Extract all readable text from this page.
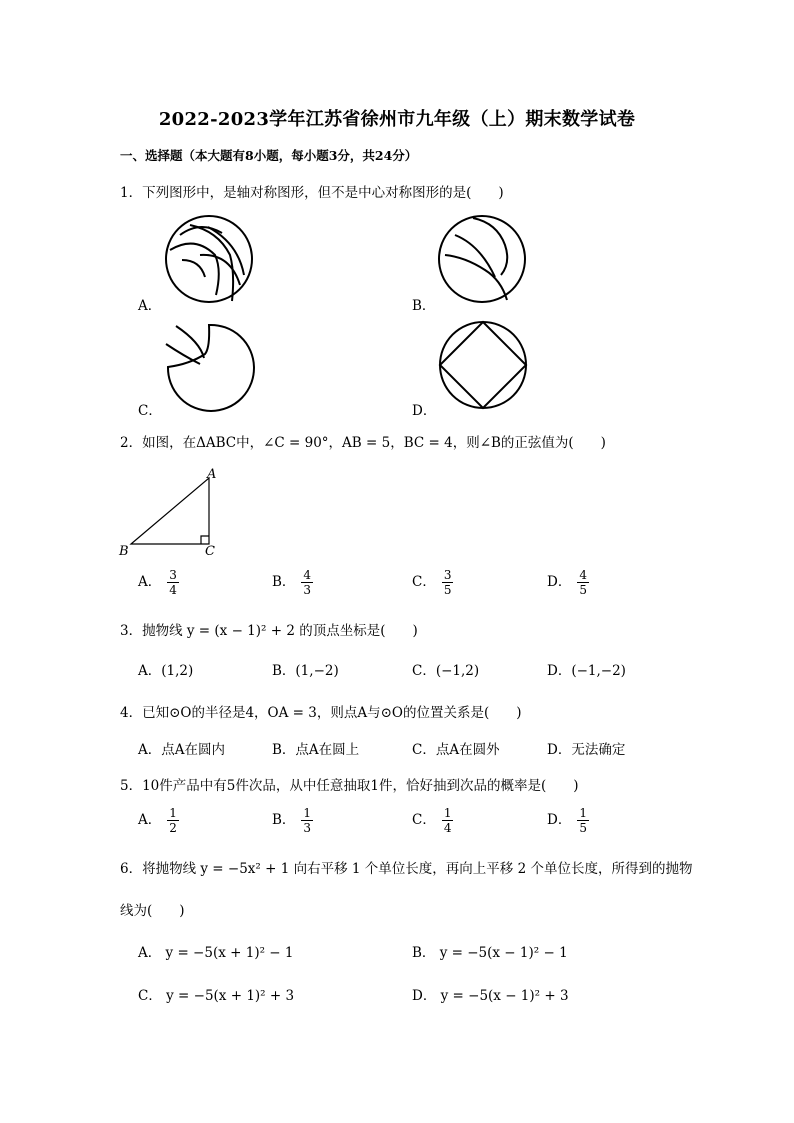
2022-2023学年江苏省徐州市九年级（上）期末数学试卷
一、选择题（本大题有8小题，每小题3分，共24分）
1．下列图形中，是轴对称图形，但不是中心对称图形的是(　　)
A．	B．
C．	D．
2．如图，在ΔABC中，∠C = 90°，AB = 5，BC = 4，则∠B的正弦值为(　　)
A
B	C
A． $\frac{3}{4}$	B． $\frac{4}{3}$	C． $\frac{3}{5}$	D． $\frac{4}{5}$
3．抛物线 y = (x − 1)² + 2 的顶点坐标是(　　)
A．(1,2)	B．(1,−2)	C．(−1,2)	D．(−1,−2)
4．已知⊙O的半径是4，OA = 3，则点A与⊙O的位置关系是(　　)
A．点A在圆内	B．点A在圆上	C．点A在圆外	D．无法确定
5．10件产品中有5件次品，从中任意抽取1件，恰好抽到次品的概率是(　　)
A． $\frac{1}{2}$	B． $\frac{1}{3}$	C． $\frac{1}{4}$	D． $\frac{1}{5}$
6．将抛物线 y = −5x² + 1 向右平移 1 个单位长度，再向上平移 2 个单位长度，所得到的抛物
线为(　　)
A． y = −5(x + 1)² − 1	B． y = −5(x − 1)² − 1
C． y = −5(x + 1)² + 3	D． y = −5(x − 1)² + 3
